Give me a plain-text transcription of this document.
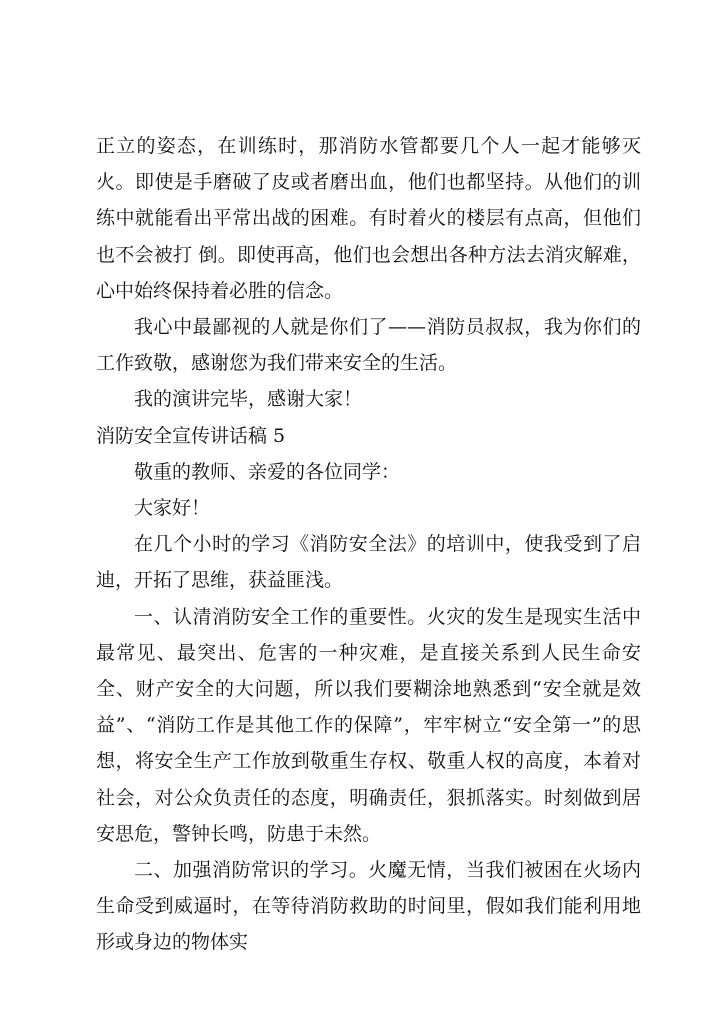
正立的姿态，在训练时，那消防水管都要几个人一起才能够灭火。即使是手磨破了皮或者磨出血，他们也都坚持。从他们的训练中就能看出平常出战的困难。有时着火的楼层有点高，但他们也不会被打 倒。即使再高，他们也会想出各种方法去消灾解难，心中始终保持着必胜的信念。

我心中最鄙视的人就是你们了——消防员叔叔，我为你们的工作致敬，感谢您为我们带来安全的生活。

我的演讲完毕，感谢大家！

消防安全宣传讲话稿 5

敬重的教师、亲爱的各位同学：

大家好！

在几个小时的学习《消防安全法》的培训中，使我受到了启迪，开拓了思维，获益匪浅。

一、认清消防安全工作的重要性。火灾的发生是现实生活中最常见、最突出、危害的一种灾难，是直接关系到人民生命安全、财产安全的大问题，所以我们要糊涂地熟悉到“安全就是效益”、“消防工作是其他工作的保障”，牢牢树立“安全第一”的思想，将安全生产工作放到敬重生存权、敬重人权的高度，本着对社会，对公众负责任的态度，明确责任，狠抓落实。时刻做到居安思危，警钟长鸣，防患于未然。

二、加强消防常识的学习。火魔无情，当我们被困在火场内生命受到威逼时，在等待消防救助的时间里，假如我们能利用地形或身边的物体实
